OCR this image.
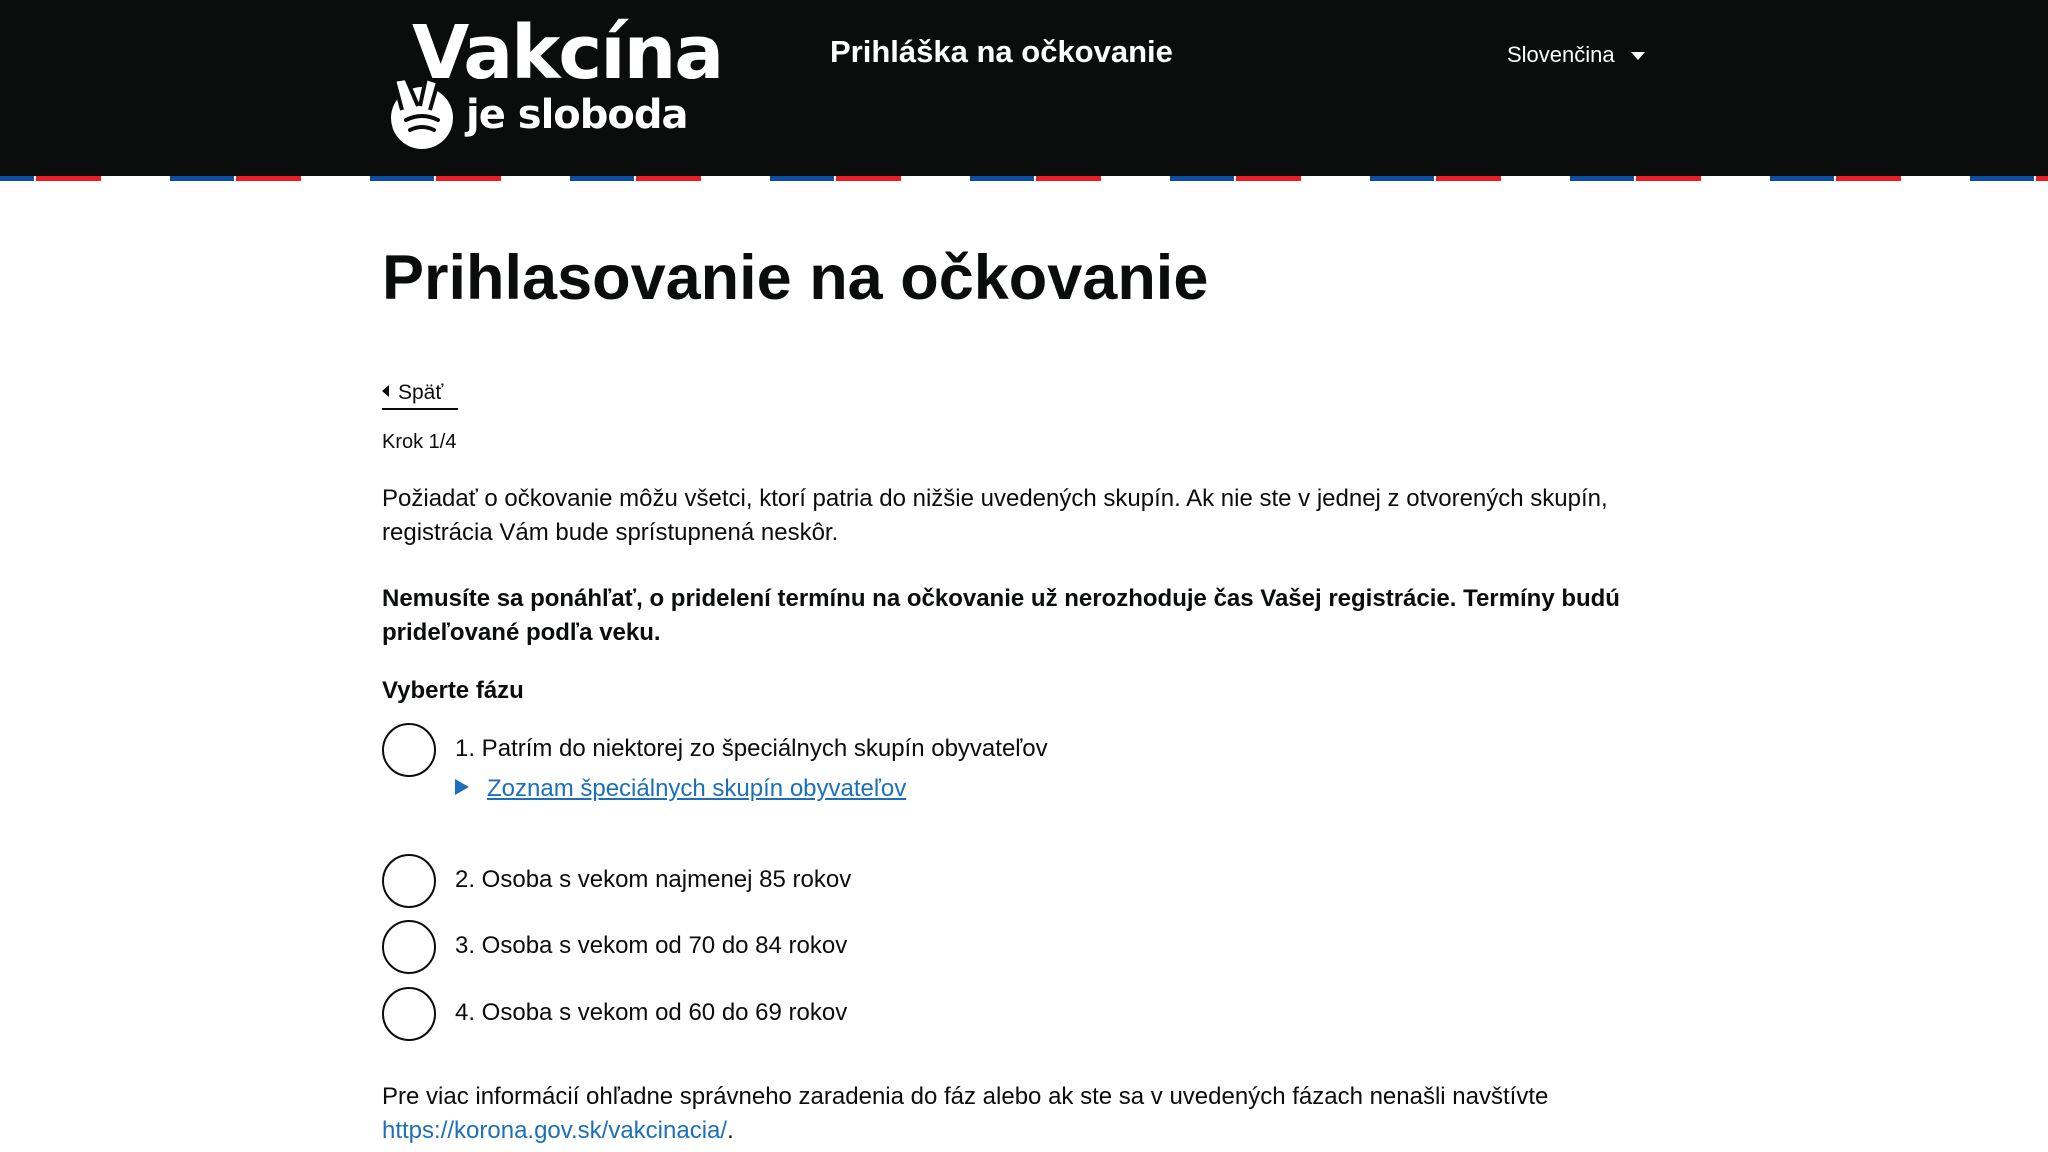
Vakcína
je sloboda
Prihláška na očkovanie	Slovenčina
Prihlasovanie na očkovanie
Späť
Krok 1/4

Požiadať o očkovanie môžu všetci, ktorí patria do nižšie uvedených skupín. Ak nie ste v jednej z otvorených skupín, registrácia Vám bude sprístupnená neskôr.

Nemusíte sa ponáhľať, o pridelení termínu na očkovanie už nerozhoduje čas Vašej registrácie. Termíny budú prideľované podľa veku.

Vyberte fázu
1. Patrím do niektorej zo špeciálnych skupín obyvateľov
Zoznam špeciálnych skupín obyvateľov
2. Osoba s vekom najmenej 85 rokov
3. Osoba s vekom od 70 do 84 rokov
4. Osoba s vekom od 60 do 69 rokov

Pre viac informácií ohľadne správneho zaradenia do fáz alebo ak ste sa v uvedených fázach nenašli navštívte https://korona.gov.sk/vakcinacia/.
